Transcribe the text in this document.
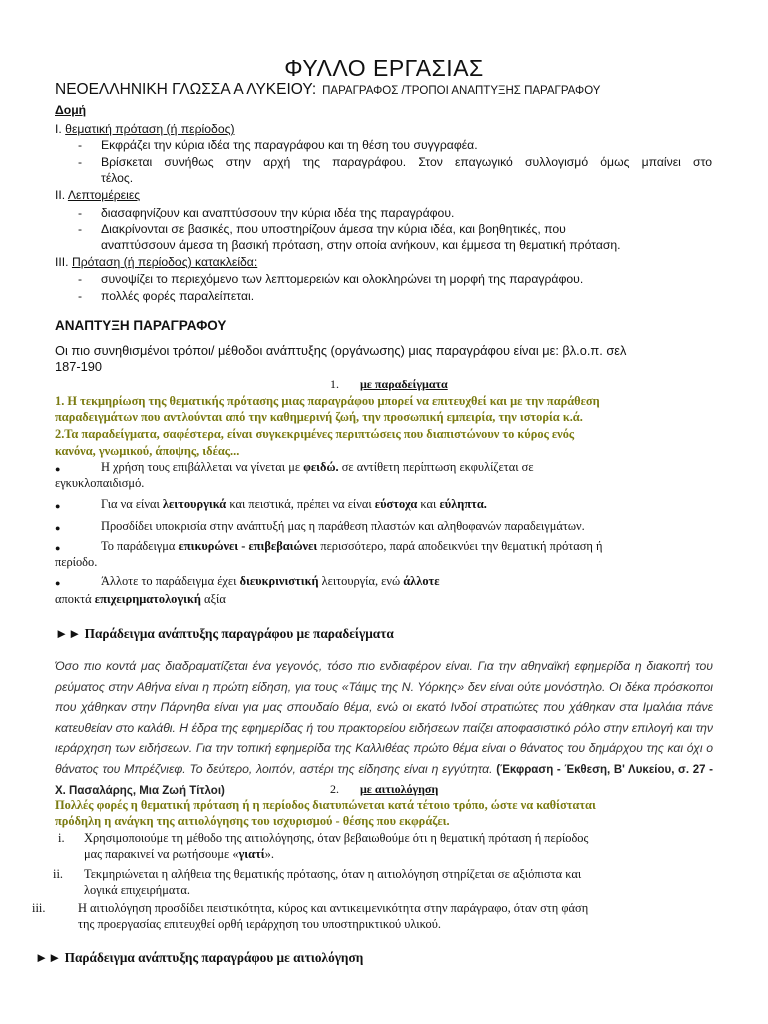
ΦΥΛΛΟ ΕΡΓΑΣΙΑΣ
ΝΕΟΕΛΛΗΝΙΚΗ ΓΛΩΣΣΑ Α ΛΥΚΕΙΟΥ: ΠΑΡΑΓΡΑΦΟΣ /ΤΡΟΠΟΙ ΑΝΑΠΤΥΞΗΣ ΠΑΡΑΓΡΑΦΟΥ
Δομή
Ι. θεματική πρόταση (ή περίοδος)
- Εκφράζει την κύρια ιδέα της παραγράφου και τη θέση του συγγραφέα.
- Βρίσκεται συνήθως στην αρχή της παραγράφου. Στον επαγωγικό συλλογισμό όμως μπαίνει στο
τέλος.
ΙΙ. Λεπτομέρειες
- διασαφηνίζουν και αναπτύσσουν την κύρια ιδέα της παραγράφου.
- Διακρίνονται σε βασικές, που υποστηρίζουν άμεσα την κύρια ιδέα, και βοηθητικές, που
αναπτύσσουν άμεσα τη βασική πρόταση, στην οποία ανήκουν, και έμμεσα τη θεματική πρόταση.
ΙΙΙ. Πρόταση (ή περίοδος) κατακλείδα:
- συνοψίζει το περιεχόμενο των λεπτομερειών και ολοκληρώνει τη μορφή της παραγράφου.
- πολλές φορές παραλείπεται.
ΑΝΑΠΤΥΞΗ ΠΑΡΑΓΡΑΦΟΥ
Οι πιο συνηθισμένοι τρόποι/ μέθοδοι ανάπτυξης (οργάνωσης) μιας παραγράφου είναι με: βλ.ο.π. σελ
187-190
1. με παραδείγματα
1. Η τεκμηρίωση της θεματικής πρότασης μιας παραγράφου μπορεί να επιτευχθεί και με την παράθεση
παραδειγμάτων που αντλούνται από την καθημερινή ζωή, την προσωπική εμπειρία, την ιστορία κ.ά.
2.Τα παραδείγματα, σαφέστερα, είναι συγκεκριμένες περιπτώσεις που διαπιστώνουν το κύρος ενός
κανόνα, γνωμικού, άποψης, ιδέας...
●	Η χρήση τους επιβάλλεται να γίνεται με φειδώ. σε αντίθετη περίπτωση εκφυλίζεται σε
εγκυκλοπαιδισμό.
●	Για να είναι λειτουργικά και πειστικά, πρέπει να είναι εύστοχα και εύληπτα.
●	Προσδίδει υποκρισία στην ανάπτυξή μας η παράθεση πλαστών και αληθοφανών παραδειγμάτων.
●	Το παράδειγμα επικυρώνει - επιβεβαιώνει περισσότερο, παρά αποδεικνύει την θεματική πρόταση ή
περίοδο.
●	Άλλοτε το παράδειγμα έχει διευκρινιστική λειτουργία, ενώ άλλοτε
αποκτά επιχειρηματολογική αξία
►► Παράδειγμα ανάπτυξης παραγράφου με παραδείγματα
Όσο πιο κοντά μας διαδραματίζεται ένα γεγονός, τόσο πιο ενδιαφέρον είναι. Για την αθηναϊκή εφημερίδα η διακοπή του ρεύματος στην Αθήνα είναι η πρώτη είδηση, για τους «Τάιμς της Ν. Υόρκης» δεν είναι ούτε μονόστηλο. Οι δέκα πρόσκοποι που χάθηκαν στην Πάρνηθα είναι για μας σπουδαίο θέμα, ενώ οι εκατό Ινδοί στρατιώτες που χάθηκαν στα Ιμαλάια πάνε κατευθείαν στο καλάθι. Η έδρα της εφημερίδας ή του πρακτορείου ειδήσεων παίζει αποφασιστικό ρόλο στην επιλογή και την ιεράρχηση των ειδήσεων. Για την τοπική εφημερίδα της Καλλιθέας πρώτο θέμα είναι ο θάνατος του δημάρχου της και όχι ο θάνατος του Μπρέζνιεφ. Το δεύτερο, λοιπόν, αστέρι της είδησης είναι η εγγύτητα. (Έκφραση - Έκθεση, Β' Λυκείου, σ. 27 - Χ. Πασαλάρης, Μια Ζωή Τίτλοι)	2. με αιτιολόγηση
Πολλές φορές η θεματική πρόταση ή η περίοδος διατυπώνεται κατά τέτοιο τρόπο, ώστε να καθίσταται
πρόδηλη η ανάγκη της αιτιολόγησης του ισχυρισμού - θέσης που εκφράζει.
i. Χρησιμοποιούμε τη μέθοδο της αιτιολόγησης, όταν βεβαιωθούμε ότι η θεματική πρόταση ή περίοδος
μας παρακινεί να ρωτήσουμε «γιατί».
ii. Τεκμηριώνεται η αλήθεια της θεματικής πρότασης, όταν η αιτιολόγηση στηρίζεται σε αξιόπιστα και
λογικά επιχειρήματα.
iii.	Η αιτιολόγηση προσδίδει πειστικότητα, κύρος και αντικειμενικότητα στην παράγραφο, όταν στη φάση
της προεργασίας επιτευχθεί ορθή ιεράρχηση του υποστηρικτικού υλικού.
►► Παράδειγμα ανάπτυξης παραγράφου με αιτιολόγηση
